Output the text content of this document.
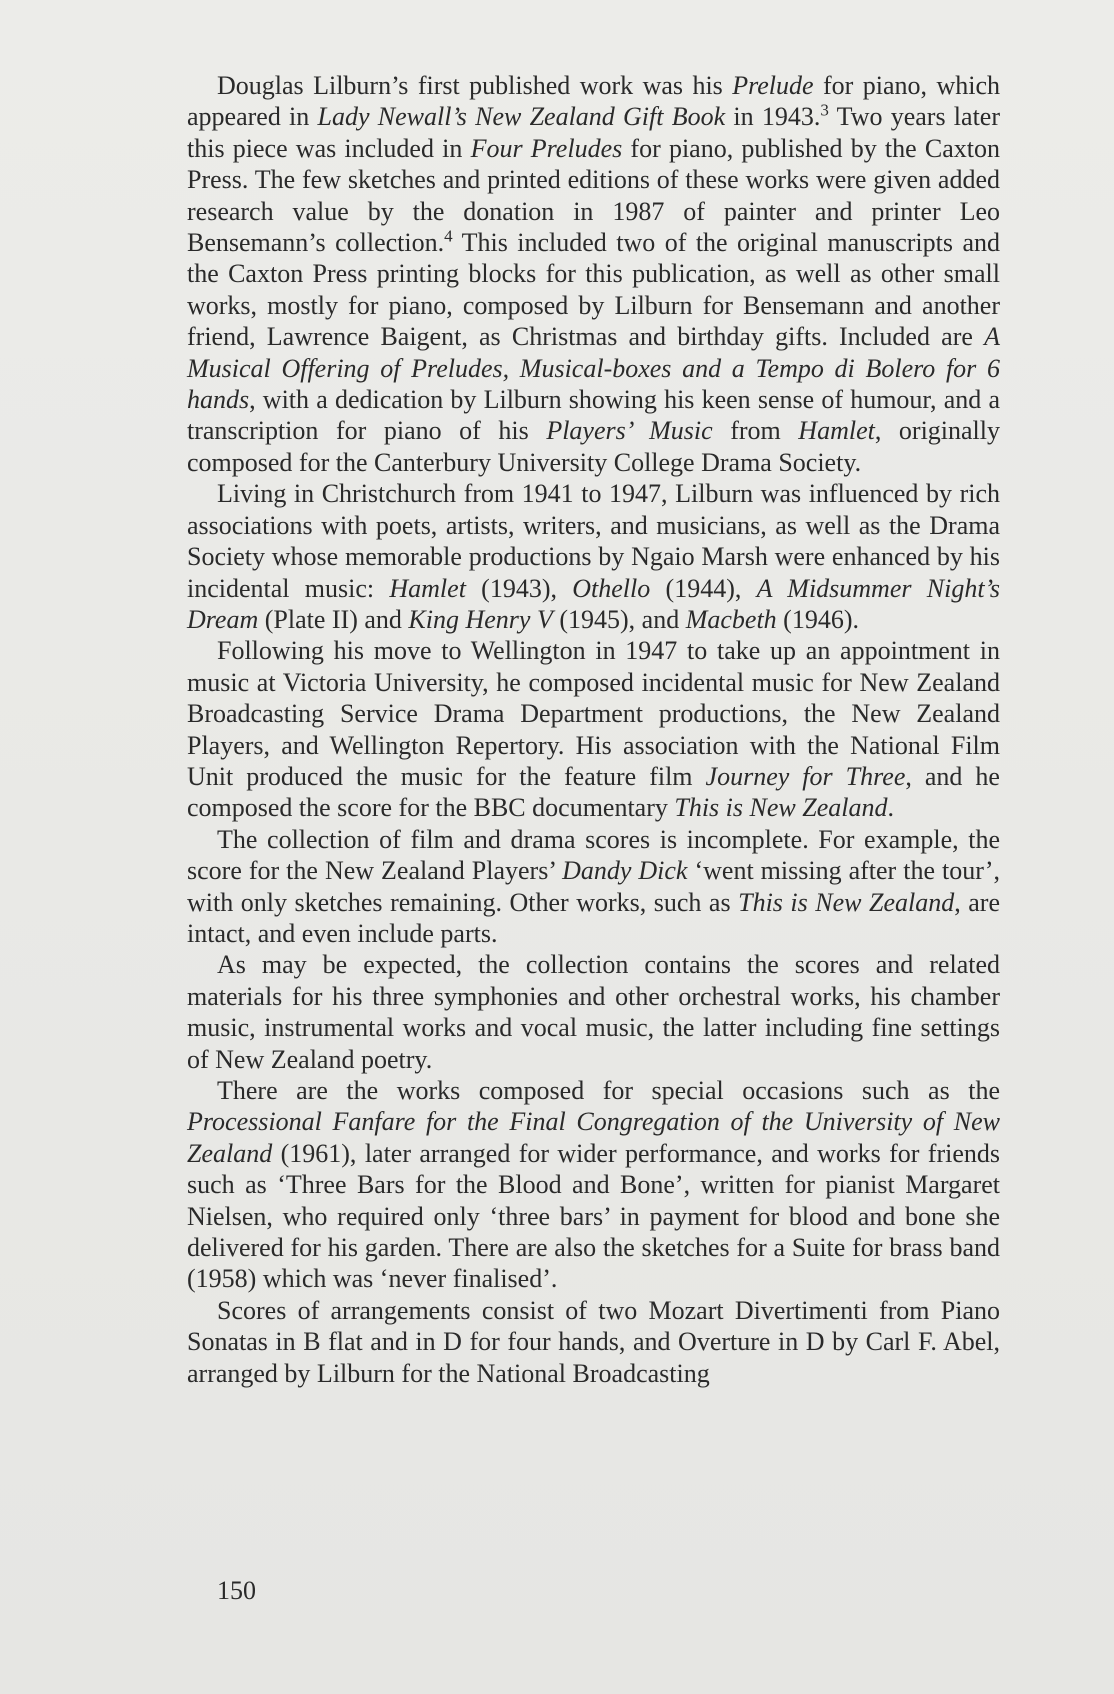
Douglas Lilburn’s first published work was his Prelude for piano, which appeared in Lady Newall’s New Zealand Gift Book in 1943.$^3$ Two years later this piece was included in Four Preludes for piano, published by the Caxton Press. The few sketches and printed editions of these works were given added research value by the donation in 1987 of painter and printer Leo Bensemann’s collection.$^4$ This included two of the original manuscripts and the Caxton Press printing blocks for this publication, as well as other small works, mostly for piano, composed by Lilburn for Bensemann and another friend, Lawrence Baigent, as Christmas and birthday gifts. Included are A Musical Offering of Preludes, Musical-boxes and a Tempo di Bolero for 6 hands, with a dedication by Lilburn showing his keen sense of humour, and a transcription for piano of his Players’ Music from Hamlet, originally composed for the Canterbury University College Drama Society.

Living in Christchurch from 1941 to 1947, Lilburn was influenced by rich associations with poets, artists, writers, and musicians, as well as the Drama Society whose memorable productions by Ngaio Marsh were enhanced by his incidental music: Hamlet (1943), Othello (1944), A Midsummer Night’s Dream (Plate II) and King Henry V (1945), and Macbeth (1946).

Following his move to Wellington in 1947 to take up an appointment in music at Victoria University, he composed incidental music for New Zealand Broadcasting Service Drama Department productions, the New Zealand Players, and Wellington Repertory. His association with the National Film Unit produced the music for the feature film Journey for Three, and he composed the score for the BBC documentary This is New Zealand.

The collection of film and drama scores is incomplete. For example, the score for the New Zealand Players’ Dandy Dick ‘went missing after the tour’, with only sketches remaining. Other works, such as This is New Zealand, are intact, and even include parts.

As may be expected, the collection contains the scores and related materials for his three symphonies and other orchestral works, his chamber music, instrumental works and vocal music, the latter including fine settings of New Zealand poetry.

There are the works composed for special occasions such as the Processional Fanfare for the Final Congregation of the University of New Zealand (1961), later arranged for wider performance, and works for friends such as ‘Three Bars for the Blood and Bone’, written for pianist Margaret Nielsen, who required only ‘three bars’ in payment for blood and bone she delivered for his garden. There are also the sketches for a Suite for brass band (1958) which was ‘never finalised’.

Scores of arrangements consist of two Mozart Divertimenti from Piano Sonatas in B flat and in D for four hands, and Overture in D by Carl F. Abel, arranged by Lilburn for the National Broadcasting

150
